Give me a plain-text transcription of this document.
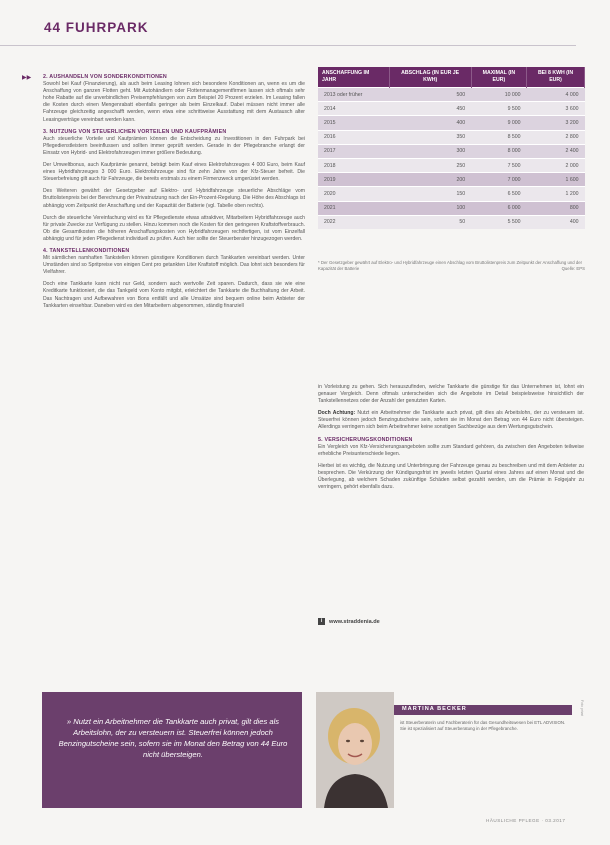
44 FUHRPARK
▶▶ 2. AUSHANDELN VON SONDERKONDITIONEN

Sowohl bei Kauf (Finanzierung), als auch beim Leasing lohnen sich besondere Konditionen an, wenn es um die Anschaffung von ganzen Flotten geht. Mit Autohändlern oder Flottenmanagementfirmen lassen sich oftmals sehr hohe Rabatte auf die unverbindlichen Preisempfehlungen von zum Beispiel 20 Prozent erzielen. Im Leasing fallen die Kosten durch einen Mengenrabatt ebenfalls geringer als beim Einzelkauf. Dabei müssen nicht immer alle Fahrzeuge gleichzeitig angeschafft werden, wenn etwa eine schrittweise Ausstattung mit dem Austausch alter Leasingverträge vereinbart werden kann.

3. NUTZUNG VON STEUERLICHEN VORTEILEN UND KAUFPRÄMIEN

Auch steuerliche Vorteile und Kaufprämien können die Entscheidung zu Investitionen in den Fuhrpark bei Pflegedienstleistern beeinflussen und sollten immer geprüft werden. Gerade in der Pflegebranche erlangt der Einsatz von Hybrid- und Elektrofahrzeugen immer größere Bedeutung.

Der Umweltbonus, auch Kaufprämie genannt, beträgt beim Kauf eines Elektrofahrzeuges 4 000 Euro, beim Kauf eines Hybridfahrzeuges 3 000 Euro. Elektrofahrzeuge sind für zehn Jahre von der Kfz-Steuer befreit. Die Steuerbefreiung gilt auch für Fahrzeuge, die bereits erstmals zu einem Firmenzweck umgerüstet werden.

Des Weiteren gewährt der Gesetzgeber auf Elektro- und Hybridfahrzeuge steuerliche Abschläge vom Bruttolistenpreis bei der Berechnung der Privatnutzung nach der Ein-Prozent-Regelung. Die Höhe des Abschlags ist abhängig vom Zeitpunkt der Anschaffung und der Kapazität der Batterie (vgl. Tabelle oben rechts).

Durch die steuerliche Vereinfachung wird es für Pflegedienste etwas attraktiver, Mitarbeitern Hybridfahrzeuge auch für private Zwecke zur Verfügung zu stellen. Hinzu kommen noch die Kosten für den geringeren Kraftstoffverbrauch. Ob die Gesamtkosten die höheren Anschaffungskosten von Hybridfahrzeugen rechtfertigen, ist vom Einzelfall abhängig und für jeden Pflegedienst individuell zu prüfen. Auch hier sollte der Steuerberater hinzugezogen werden.

4. TANKSTELLENKONDITIONEN

Mit sämtlichen namhaften Tankstellen können günstigere Konditionen durch Tankkarten vereinbart werden. Unter Umständen sind so Spritpreise von einigen Cent pro getankten Liter Kraftstoff möglich. Das lohnt sich besonders für Vielfahrer.

Doch eine Tankkarte kann nicht nur Geld, sondern auch wertvolle Zeit sparen. Dadurch, dass sie wie eine Kreditkarte funktioniert, die das Tankgeld vom Konto mitgibt, erleichtert die Tankkarte die Buchhaltung der Arbeit. Das Nachtragen und Aufbewahren von Bons entfällt und alle Umsätze sind bequem online beim Anbieter der Tankkarten einsehbar. Daneben wird es den Mitarbeitern abgenommen, ständig finanziell

ANSCHAFFUNG IM JAHR	ABSCHLAG (IN EUR JE KWH)	MAXIMAL (IN EUR)	BEI 8 KWH (IN EUR)
2013 oder früher	500	10 000	4 000
2014	450	9 500	3 600
2015	400	9 000	3 200
2016	350	8 500	2 800
2017	300	8 000	2 400
2018	250	7 500	2 000
2019	200	7 000	1 600
2020	150	6 500	1 200
2021	100	6 000	800
2022	50	5 500	400
* Der Gesetzgeber gewährt auf Elektro- und Hybridfahrzeuge einen Abschlag vom Bruttolistenpreis zum Zeitpunkt der Anschaffung und der Kapazität der Batterie	Quelle: EPS

in Vorleistung zu gehen. Sich herauszufinden, welche Tankkarte die günstige für das Unternehmen ist, lohnt ein genauer Vergleich. Denn oftmals unterscheiden sich die Angebote im Detail beispielsweise hinsichtlich der Tankstellennetzes oder der Anzahl der genutzten Karten.

Doch Achtung: Nutzt ein Arbeitnehmer die Tankkarte auch privat, gilt dies als Arbeitslohn, der zu versteuern ist. Steuerfrei können jedoch Benzingutscheine sein, sofern sie im Monat den Betrag von 44 Euro nicht übersteigen. Allerdings verringern sich beim Arbeitnehmer keine sonstigen Sachbezüge aus dem Wertungsgutschein.

5. VERSICHERUNGSKONDITIONEN

Ein Vergleich von Kfz-Versicherungsangeboten sollte zum Standard gehören, da zwischen den Angeboten teilweise erhebliche Preisunterschiede liegen.

Hierbei ist es wichtig, die Nutzung und Unterbringung der Fahrzeuge genau zu beschreiben und mit dem Anbieter zu besprechen. Die Verkürzung der Kündigungsfrist im jeweils letzten Quartal eines Jahres auf einen Monat und die Überlegung, ab welchem Schaden zukünftige Schäden selbst gezahlt werden, um die Prämie in Folgejahr zu verringern, gehört ebenfalls dazu.

i www.straddenia.de
» Nutzt ein Arbeitnehmer die Tankkarte auch privat, gilt dies als Arbeitslohn, der zu versteuern ist. Steuerfrei können jedoch Benzingutscheine sein, sofern sie im Monat den Betrag von 44 Euro nicht übersteigen.
MARTINA BECKER
ist Steuerberaterin und Fachberaterin für das Gesundheitswesen bei ETL ADVISION. Sie ist spezialisiert auf Steuerberatung in der Pflegebranche.
Foto: privat
HÄUSLICHE PFLEGE · 03.2017
